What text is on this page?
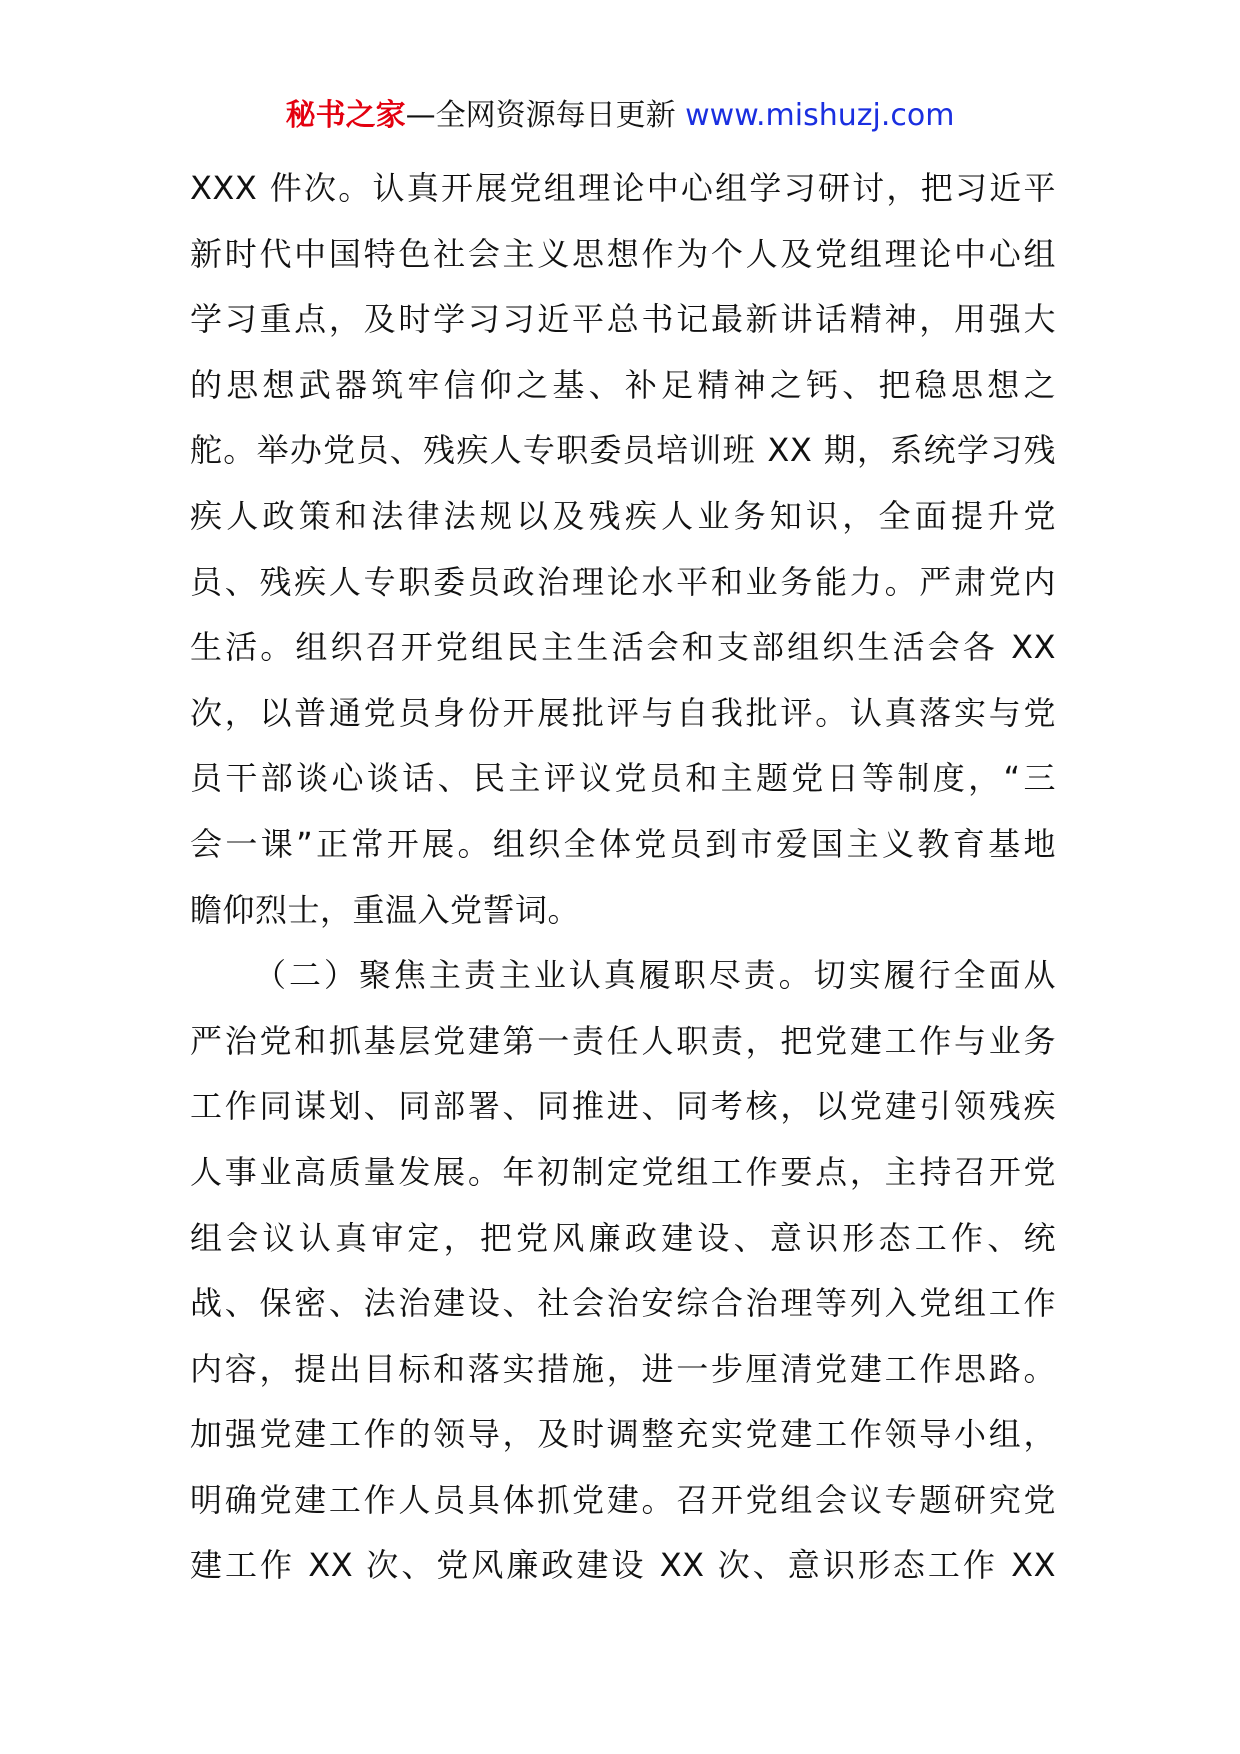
秘书之家—全网资源每日更新 www.mishuzj.com
XXX 件次。认真开展党组理论中心组学习研讨，把习近平
新时代中国特色社会主义思想作为个人及党组理论中心组
学习重点，及时学习习近平总书记最新讲话精神，用强大
的思想武器筑牢信仰之基、补足精神之钙、把稳思想之
舵。举办党员、残疾人专职委员培训班 XX 期，系统学习残
疾人政策和法律法规以及残疾人业务知识，全面提升党
员、残疾人专职委员政治理论水平和业务能力。严肃党内
生活。组织召开党组民主生活会和支部组织生活会各 XX
次，以普通党员身份开展批评与自我批评。认真落实与党
员干部谈心谈话、民主评议党员和主题党日等制度，“三
会一课”正常开展。组织全体党员到市爱国主义教育基地
瞻仰烈士，重温入党誓词。
（二）聚焦主责主业认真履职尽责。切实履行全面从
严治党和抓基层党建第一责任人职责，把党建工作与业务
工作同谋划、同部署、同推进、同考核，以党建引领残疾
人事业高质量发展。年初制定党组工作要点，主持召开党
组会议认真审定，把党风廉政建设、意识形态工作、统
战、保密、法治建设、社会治安综合治理等列入党组工作
内容，提出目标和落实措施，进一步厘清党建工作思路。
加强党建工作的领导，及时调整充实党建工作领导小组，
明确党建工作人员具体抓党建。召开党组会议专题研究党
建工作 XX 次、党风廉政建设 XX 次、意识形态工作 XX
